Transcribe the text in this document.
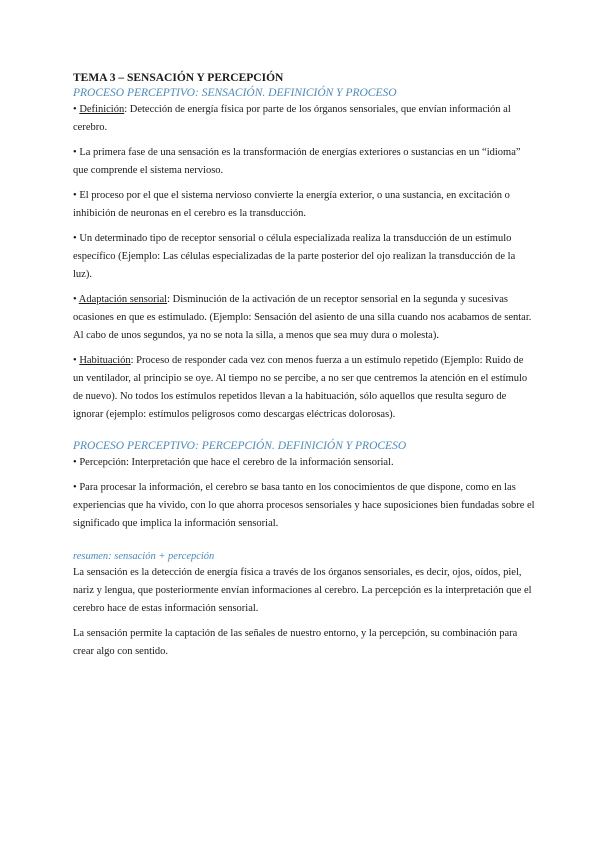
TEMA 3 – SENSACIÓN Y PERCEPCIÓN
PROCESO PERCEPTIVO: SENSACIÓN. DEFINICIÓN Y PROCESO

• Definición: Detección de energía física por parte de los órganos sensoriales, que envían información al cerebro.

• La primera fase de una sensación es la transformación de energías exteriores o sustancias en un “idioma” que comprende el sistema nervioso.

• El proceso por el que el sistema nervioso convierte la energía exterior, o una sustancia, en excitación o inhibición de neuronas en el cerebro es la transducción.

• Un determinado tipo de receptor sensorial o célula especializada realiza la transducción de un estímulo específico (Ejemplo: Las células especializadas de la parte posterior del ojo realizan la transducción de la luz).

• Adaptación sensorial: Disminución de la activación de un receptor sensorial en la segunda y sucesivas ocasiones en que es estimulado. (Ejemplo: Sensación del asiento de una silla cuando nos acabamos de sentar. Al cabo de unos segundos, ya no se nota la silla, a menos que sea muy dura o molesta).

• Habituación: Proceso de responder cada vez con menos fuerza a un estímulo repetido (Ejemplo: Ruido de un ventilador, al principio se oye. Al tiempo no se percibe, a no ser que centremos la atención en el estímulo de nuevo). No todos los estímulos repetidos llevan a la habituación, sólo aquellos que resulta seguro de ignorar (ejemplo: estímulos peligrosos como descargas eléctricas dolorosas).

PROCESO PERCEPTIVO: PERCEPCIÓN. DEFINICIÓN Y PROCESO

• Percepción: Interpretación que hace el cerebro de la información sensorial.

• Para procesar la información, el cerebro se basa tanto en los conocimientos de que dispone, como en las experiencias que ha vivido, con lo que ahorra procesos sensoriales y hace suposiciones bien fundadas sobre el significado que implica la información sensorial.

resumen: sensación + percepción

La sensación es la detección de energía física a través de los órganos sensoriales, es decir, ojos, oídos, piel, nariz y lengua, que posteriormente envían informaciones al cerebro. La percepción es la interpretación que el cerebro hace de estas información sensorial.

La sensación permite la captación de las señales de nuestro entorno, y la percepción, su combinación para crear algo con sentido.
